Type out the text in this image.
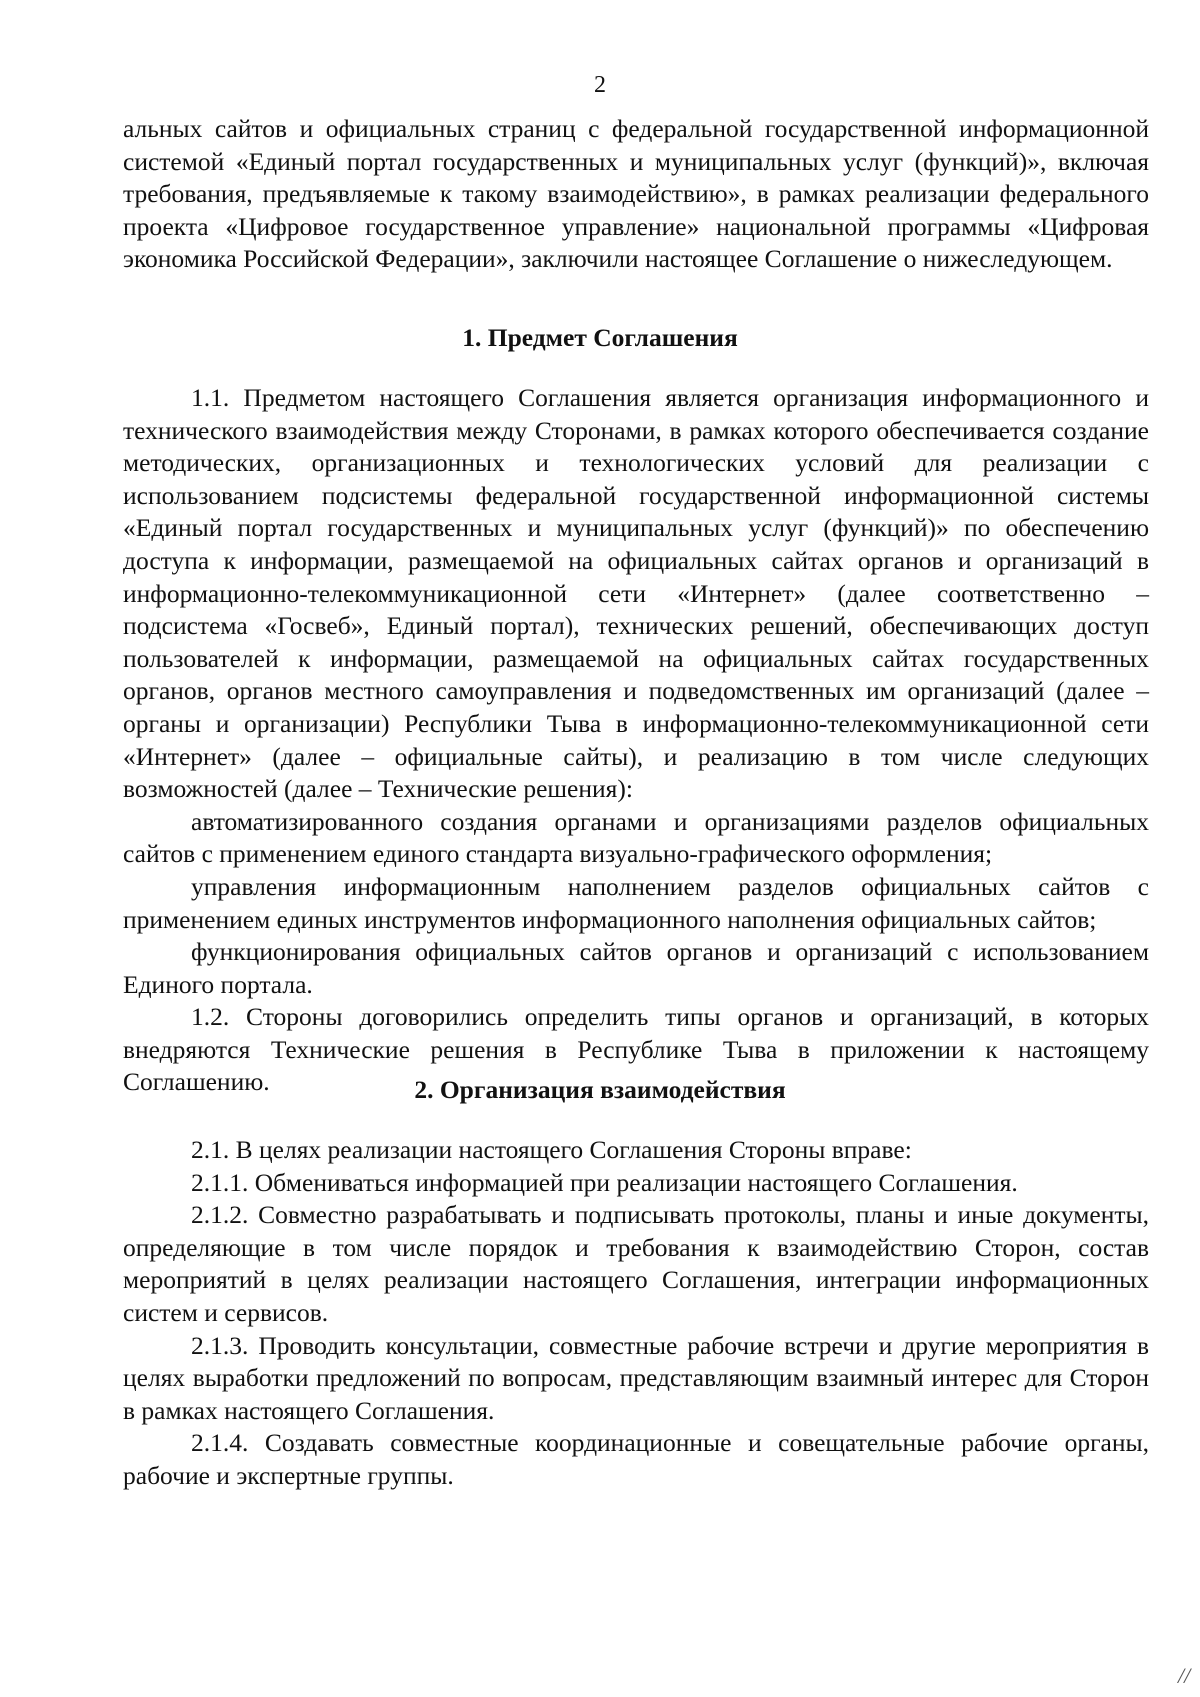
2

альных сайтов и официальных страниц с федеральной государственной информационной системой «Единый портал государственных и муниципальных услуг (функций)», включая требования, предъявляемые к такому взаимодействию», в рамках реализации федерального проекта «Цифровое государственное управление» национальной программы «Цифровая экономика Российской Федерации», заключили настоящее Соглашение о нижеследующем.

1. Предмет Соглашения

1.1. Предметом настоящего Соглашения является организация информационного и технического взаимодействия между Сторонами, в рамках которого обеспечивается создание методических, организационных и технологических условий для реализации с использованием подсистемы федеральной государственной информационной системы «Единый портал государственных и муниципальных услуг (функций)» по обеспечению доступа к информации, размещаемой на официальных сайтах органов и организаций в информационно-телекоммуникационной сети «Интернет» (далее соответственно – подсистема «Госвеб», Единый портал), технических решений, обеспечивающих доступ пользователей к информации, размещаемой на официальных сайтах государственных органов, органов местного самоуправления и подведомственных им организаций (далее – органы и организации) Республики Тыва в информационно-телекоммуникационной сети «Интернет» (далее – официальные сайты), и реализацию в том числе следующих возможностей (далее – Технические решения):

автоматизированного создания органами и организациями разделов официальных сайтов с применением единого стандарта визуально-графического оформления;

управления информационным наполнением разделов официальных сайтов с применением единых инструментов информационного наполнения официальных сайтов;

функционирования официальных сайтов органов и организаций с использованием Единого портала.

1.2. Стороны договорились определить типы органов и организаций, в которых внедряются Технические решения в Республике Тыва в приложении к настоящему Соглашению.	2. Организация взаимодействия

2.1. В целях реализации настоящего Соглашения Стороны вправе:

2.1.1. Обмениваться информацией при реализации настоящего Соглашения.

2.1.2. Совместно разрабатывать и подписывать протоколы, планы и иные документы, определяющие в том числе порядок и требования к взаимодействию Сторон, состав мероприятий в целях реализации настоящего Соглашения, интеграции информационных систем и сервисов.

2.1.3. Проводить консультации, совместные рабочие встречи и другие мероприятия в целях выработки предложений по вопросам, представляющим взаимный интерес для Сторон в рамках настоящего Соглашения.

2.1.4. Создавать совместные координационные и совещательные рабочие органы, рабочие и экспертные группы.

//
